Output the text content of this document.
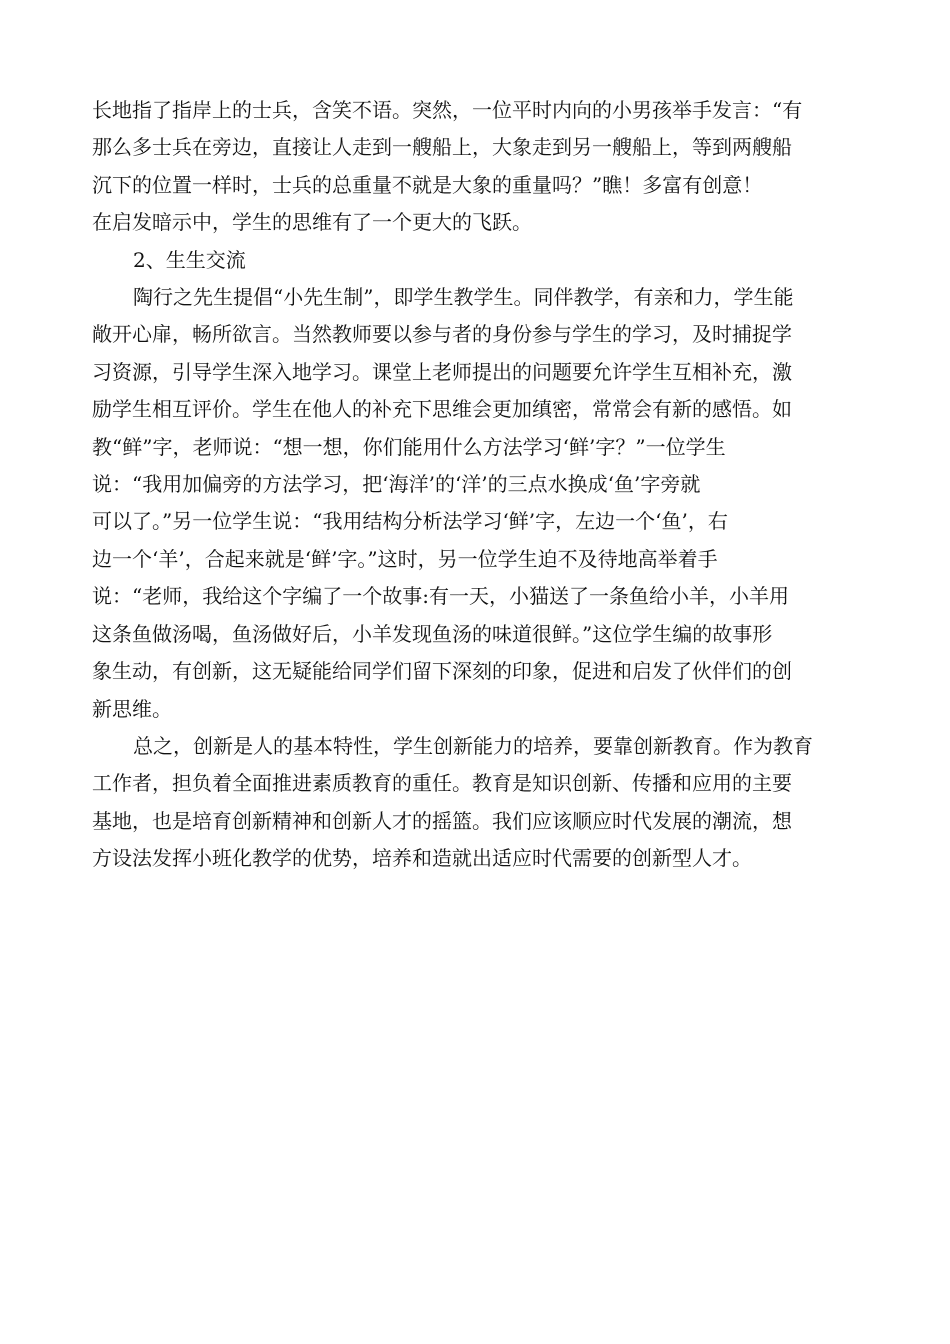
长地指了指岸上的士兵，含笑不语。突然，一位平时内向的小男孩举手发言：“有
那么多士兵在旁边，直接让人走到一艘船上，大象走到另一艘船上，等到两艘船
沉下的位置一样时，士兵的总重量不就是大象的重量吗？”瞧！多富有创意！
在启发暗示中，学生的思维有了一个更大的飞跃。

2、生生交流

陶行之先生提倡“小先生制”，即学生教学生。同伴教学，有亲和力，学生能
敞开心扉，畅所欲言。当然教师要以参与者的身份参与学生的学习，及时捕捉学
习资源，引导学生深入地学习。课堂上老师提出的问题要允许学生互相补充，激
励学生相互评价。学生在他人的补充下思维会更加缜密，常常会有新的感悟。如
教“鲜”字，老师说：“想一想，你们能用什么方法学习‘鲜’字？”一位学生
说：“我用加偏旁的方法学习，把‘海洋’的‘洋’的三点水换成‘鱼’字旁就
可以了。”另一位学生说：“我用结构分析法学习‘鲜’字，左边一个‘鱼’，右
边一个‘羊’，合起来就是‘鲜’字。”这时，另一位学生迫不及待地高举着手
说：“老师，我给这个字编了一个故事:有一天，小猫送了一条鱼给小羊，小羊用
这条鱼做汤喝，鱼汤做好后，小羊发现鱼汤的味道很鲜。”这位学生编的故事形
象生动，有创新，这无疑能给同学们留下深刻的印象，促进和启发了伙伴们的创
新思维。

总之，创新是人的基本特性，学生创新能力的培养，要靠创新教育。作为教育
工作者，担负着全面推进素质教育的重任。教育是知识创新、传播和应用的主要
基地，也是培育创新精神和创新人才的摇篮。我们应该顺应时代发展的潮流，想
方设法发挥小班化教学的优势，培养和造就出适应时代需要的创新型人才。
